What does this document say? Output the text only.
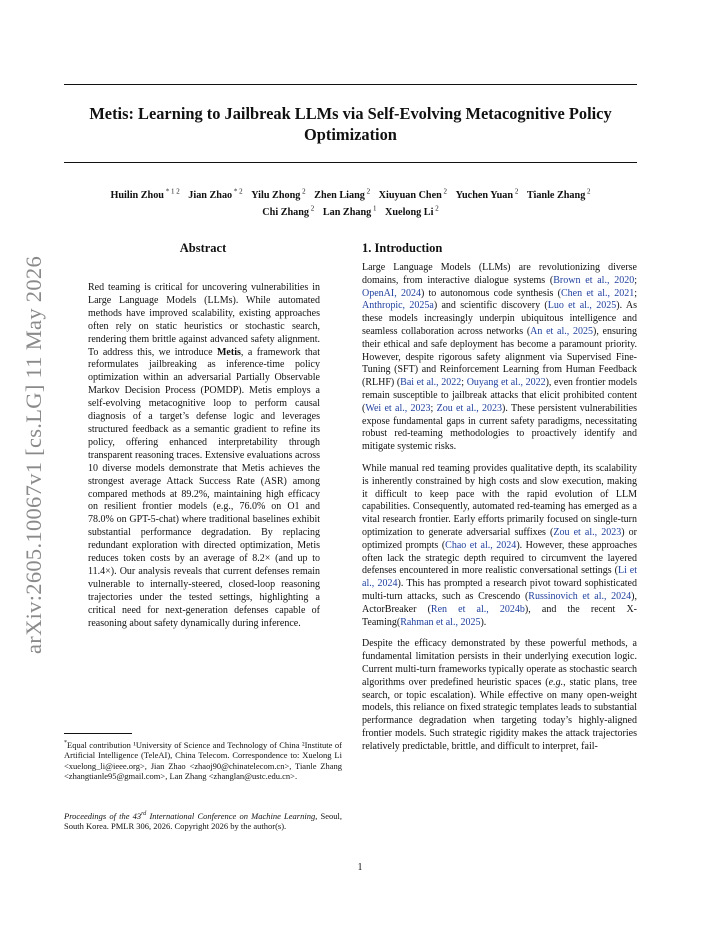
arXiv:2605.10067v1 [cs.LG] 11 May 2026
Metis: Learning to Jailbreak LLMs via Self-Evolving Metacognitive Policy Optimization
Huilin Zhou $^{* 1 2}$ Jian Zhao $^{* 2}$ Yilu Zhong $^2$ Zhen Liang $^2$ Xiuyuan Chen $^2$ Yuchen Yuan $^2$ Tianle Zhang $^2$
Chi Zhang $^2$ Lan Zhang $^1$ Xuelong Li $^2$

Abstract

Red teaming is critical for uncovering vulnerabilities in Large Language Models (LLMs). While automated methods have improved scalability, existing approaches often rely on static heuristics or stochastic search, rendering them brittle against advanced safety alignment. To address this, we introduce Metis, a framework that reformulates jailbreaking as inference-time policy optimization within an adversarial Partially Observable Markov Decision Process (POMDP). Metis employs a self-evolving metacognitive loop to perform causal diagnosis of a target’s defense logic and leverages structured feedback as a semantic gradient to refine its policy, offering enhanced interpretability through transparent reasoning traces. Extensive evaluations across 10 diverse models demonstrate that Metis achieves the strongest average Attack Success Rate (ASR) among compared methods at 89.2%, maintaining high efficacy on resilient frontier models (e.g., 76.0% on O1 and 78.0% on GPT-5-chat) where traditional baselines exhibit substantial performance degradation. By replacing redundant exploration with directed optimization, Metis reduces token costs by an average of 8.2× (and up to 11.4×). Our analysis reveals that current defenses remain vulnerable to internally-steered, closed-loop reasoning trajectories under the tested settings, highlighting a critical need for next-generation defenses capable of reasoning about safety dynamically during inference.

1. Introduction

Large Language Models (LLMs) are revolutionizing diverse domains, from interactive dialogue systems (Brown et al., 2020; OpenAI, 2024) to autonomous code synthesis (Chen et al., 2021; Anthropic, 2025a) and scientific discovery (Luo et al., 2025). As these models increasingly underpin ubiquitous intelligence and seamless collaboration across networks (An et al., 2025), ensuring their ethical and safe deployment has become a paramount priority. However, despite rigorous safety alignment via Supervised Fine-Tuning (SFT) and Reinforcement Learning from Human Feedback (RLHF) (Bai et al., 2022; Ouyang et al., 2022), even frontier models remain susceptible to jailbreak attacks that elicit prohibited content (Wei et al., 2023; Zou et al., 2023). These persistent vulnerabilities expose fundamental gaps in current safety paradigms, necessitating robust red-teaming methodologies to proactively identify and mitigate systemic risks.

While manual red teaming provides qualitative depth, its scalability is inherently constrained by high costs and slow execution, making it difficult to keep pace with the rapid evolution of LLM capabilities. Consequently, automated red-teaming has emerged as a vital research frontier. Early efforts primarily focused on single-turn optimization to generate adversarial suffixes (Zou et al., 2023) or optimized prompts (Chao et al., 2024). However, these approaches often lack the strategic depth required to circumvent the layered defenses encountered in more realistic conversational settings (Li et al., 2024). This has prompted a research pivot toward sophisticated multi-turn attacks, such as Crescendo (Russinovich et al., 2024), ActorBreaker (Ren et al., 2024b), and the recent X-Teaming(Rahman et al., 2025).

Despite the efficacy demonstrated by these powerful methods, a fundamental limitation persists in their underlying execution logic. Current multi-turn frameworks typically operate as stochastic search algorithms over predefined heuristic spaces (e.g., static plans, tree search, or topic escalation). While effective on many open-weight models, this reliance on fixed strategic templates leads to substantial performance degradation when targeting today’s highly-aligned frontier models. Such strategic rigidity makes the attack trajectories relatively predictable, brittle, and difficult to interpret, fail-

*Equal contribution ¹University of Science and Technology of China ²Institute of Artificial Intelligence (TeleAI), China Telecom. Correspondence to: Xuelong Li <xuelong_li@ieee.org>, Jian Zhao <zhaoj90@chinatelecom.cn>, Tianle Zhang <zhangtianle95@gmail.com>, Lan Zhang <zhanglan@ustc.edu.cn>.
Proceedings of the 43rd International Conference on Machine Learning, Seoul, South Korea. PMLR 306, 2026. Copyright 2026 by the author(s).
1
